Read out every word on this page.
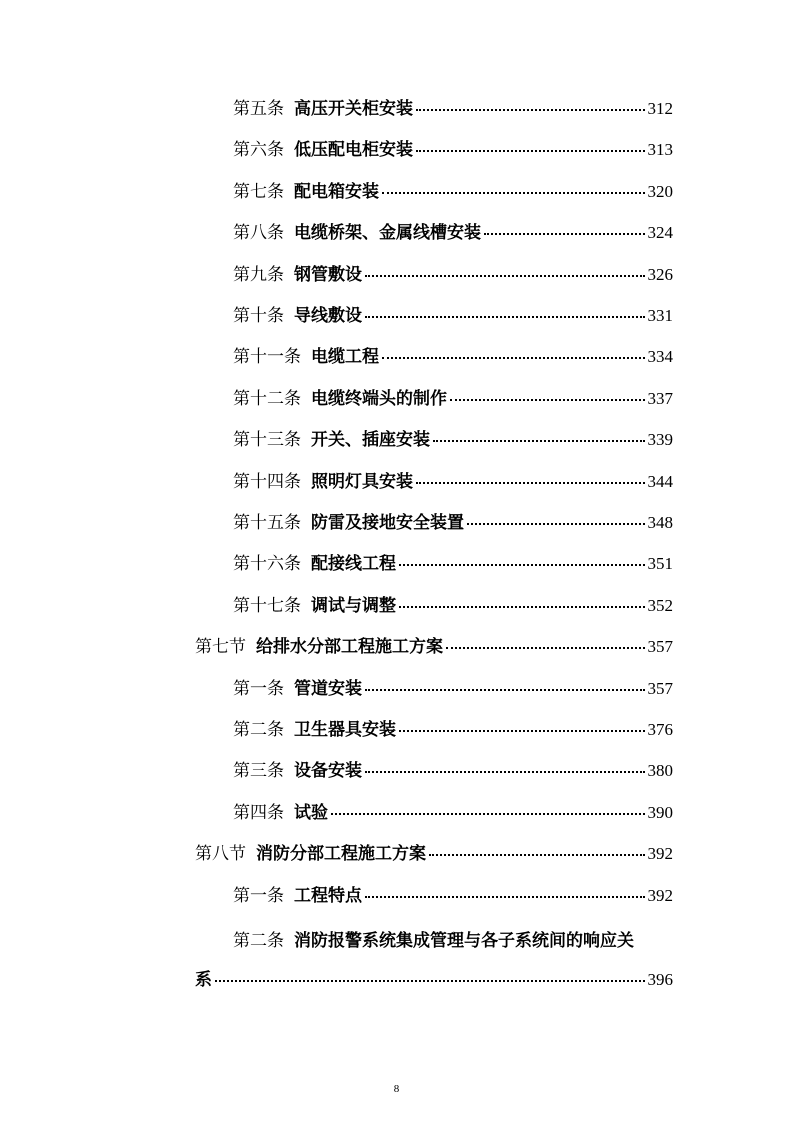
第五条 高压开关柜安装	312
第六条 低压配电柜安装	313
第七条 配电箱安装	320
第八条 电缆桥架、金属线槽安装	324
第九条 钢管敷设	326
第十条 导线敷设	331
第十一条 电缆工程	334
第十二条 电缆终端头的制作	337
第十三条 开关、插座安装	339
第十四条 照明灯具安装	344
第十五条 防雷及接地安全装置	348
第十六条 配接线工程	351
第十七条 调试与调整	352
第七节 给排水分部工程施工方案	357
第一条 管道安装	357
第二条 卫生器具安装	376
第三条 设备安装	380
第四条 试验	390
第八节 消防分部工程施工方案	392
第一条 工程特点	392
第二条 消防报警系统集成管理与各子系统间的响应关
系	396
8
